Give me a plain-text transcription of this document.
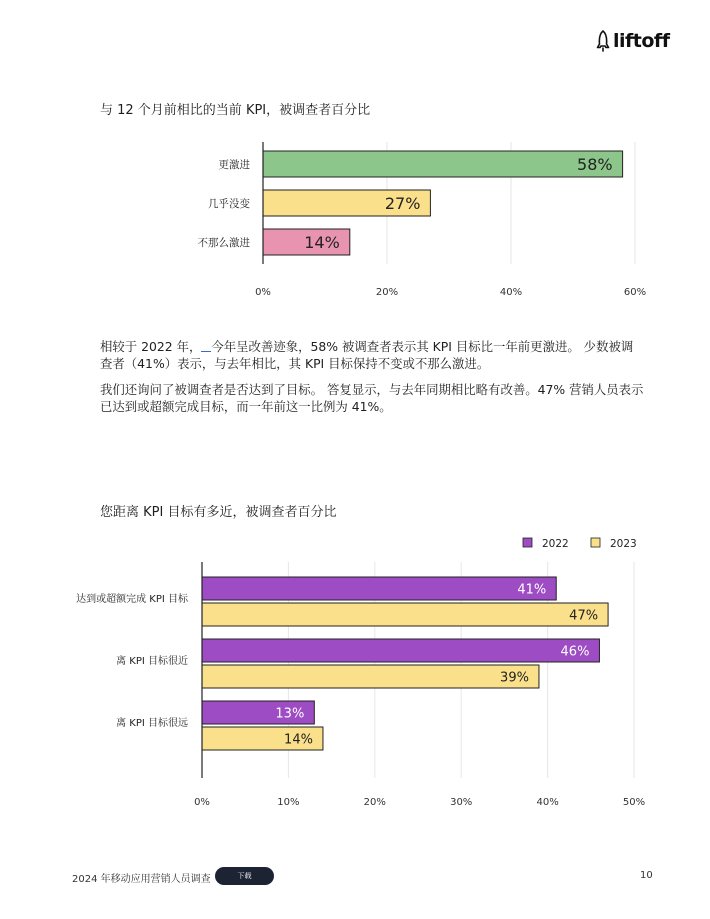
liftoff
与 12 个月前相比的当前 KPI，被调查者百分比
0%	20%	40%	60%
58%
更激进
27%
几乎没变
14%
不那么激进
相较于 2022 年， 今年呈改善迹象，58% 被调查者表示其 KPI 目标比一年前更激进。 少数被调查者（41%）表示，与去年相比，其 KPI 目标保持不变或不那么激进。
我们还询问了被调查者是否达到了目标。 答复显示，与去年同期相比略有改善。47% 营销人员表示已达到或超额完成目标，而一年前这一比例为 41%。
您距离 KPI 目标有多近，被调查者百分比
0%	10%	20%	30%	40%	50%
2022	2023
41%
47%
达到或超额完成 KPI 目标
46%
39%
离 KPI 目标很近
13%
14%
离 KPI 目标很远
2024 年移动应用营销人员调查	下载	10
